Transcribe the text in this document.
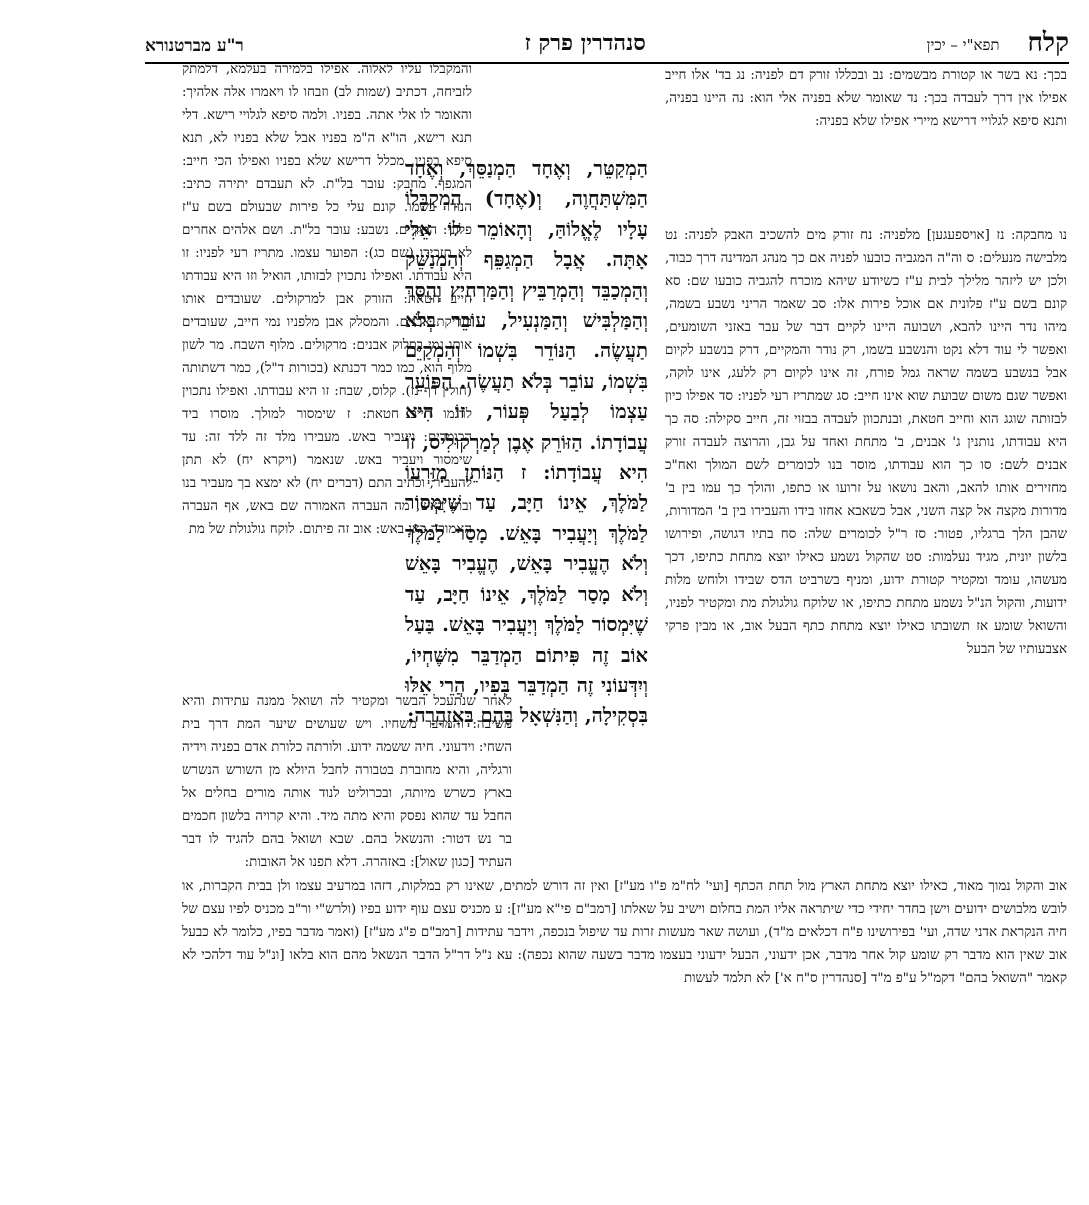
קלח
תפא"י – יכין
סנהדרין פרק ז
ר"ע מברטנורא

בכך: נא בשר או קטורת מבשמים: נב ובכללו זורק דם לפניה: נג בד' אלו חייב אפילו אין דרך לעבדה בכך: נד שאומר שלא בפניה אלי הוא: נה היינו בפניה, ותנא סיפא לגלויי דרישא מיירי אפילו שלא בפניה:

נו מחבקה: נז [אויספעגען] מלפניה: נח זורק מים להשכיב האבק לפניה: נט מלבישה מנעלים: ס וה"ה המגביה כובעו לפניה אם כך מנהג המדינה דרך כבוד, ולכן יש ליזהר מלילך לבית ע"ז כשיודע שיהא מוכרח להגביה כובעו שם: סא קונם בשם ע"ז פלונית אם אוכל פירות אלו: סב שאמר הריני נשבע בשמה, מיהו נדר היינו להבא, ושבועה היינו לקיים דבר של עבר באזני השומעים, ואפשר לי עוד דלא נקט והנשבע בשמו, רק נודר והמקיים, דרק בנשבע לקיום אבל בנשבע בשמה שראה גמל פורח, זה אינו לקיום רק ללעג, אינו לוקה, ואפשר שגם משום שבועת שוא אינו חייב: סג שמתריז רעי לפניו: סד אפילו כיון לבזותה שוגג הוא וחייב חטאת, ובנתכוון לעבדה בבזוי זה, חייב סקילה: סה כך היא עבודתו, נותנין ג' אבנים, ב' מתחת ואחד על גבן, והרוצה לעבדה זורק אבנים לשם: סו כך הוא עבודתו, מוסר בנו לכומרים לשם המולך ואח"כ מחזירים אותו להאב, והאב נושאו על זרועו או כתפו, והולך כך עמו בין ב' מדורות מקצה אל קצה השני, אבל כשאבא אחזו בידו והעבירו בין ב' המדורות, שהבן הלך ברגליו, פטור: סז ר"ל לכומרים שלה: סח בתיו דגושה, ופירושו בלשון יונית, מגיד נעלמות: סט שהקול נשמע כאילו יוצא מתחת כתיפו, דכך מעשהו, עומד ומקטיר קטורת ידוע, ומניף בשרביט הדס שבידו ולוחש מלות ידועות, והקול הנ"ל נשמע מתחת כתיפו, או שלוקח גולגולת מת ומקטיר לפניו, והשואל שומע אז תשובתו כאילו יוצא מתחת כתף הבעל אוב, או מבין פרקי אצבעותיו של הבעל

הַמְקַטֵּר, וְאֶחָד הַמְנַסֵּךְ, וְאֶחָד הַמִּשְׁתַּחֲוֶה, וְ(אֶחָד) הַמְקַבְּלוֹ עָלָיו לֶאֱלוֹהַּ, וְהָאוֹמֵר לוֹ אֵלִי אָתָּה. אֲבָל הַמְגַפֵּף וְהַמְנַשֵּׁק וְהַמְכַבֵּד וְהַמְרַבֵּיץ וְהַמַּרְחִיץ וְהַסָּךְ וְהַמַּלְבִּישׁ וְהַמַּנְעִיל, עוֹבֵר בְּלֹא תַעֲשֶׂה. הַנּוֹדֵר בִּשְׁמוֹ וְהַמְקַיֵּם בִּשְׁמוֹ, עוֹבֵר בְּלֹא תַעֲשֶׂה. הַפּוֹעֵר עַצְמוֹ לְבַעַל פְּעוֹר, זוֹ הִיא עֲבוֹדָתוֹ. הַזּוֹרֵק אֶבֶן לְמַרְקוּלִיס, זוֹ הִיא עֲבוֹדָתוֹ: ז הַנּוֹתֵן מִזַּרְעוֹ לַמֹּלֶךְ, אֵינוֹ חַיָּב, עַד שֶׁיִּמְסוֹר לַמֹּלֶךְ וְיַעֲבִיר בָּאֵשׁ. מָסַר לַמֹּלֶךְ וְלֹא הֶעֱבִיר בָּאֵשׁ, הֶעֱבִיר בָּאֵשׁ וְלֹא מָסַר לַמֹּלֶךְ, אֵינוֹ חַיָּב, עַד שֶׁיִּמְסוֹר לַמֹּלֶךְ וְיַעֲבִיר בָּאֵשׁ. בַּעַל אוֹב זֶה פִּיתוֹם הַמְדַבֵּר מִשֶּׁחְיוֹ, וְיִדְּעוֹנִי זֶה הַמְדַבֵּר בְּפִיו, הֲרֵי אֵלּוּ בִּסְקִילָה, וְהַנִּשְׁאָל בָּהֶם בְּאַזְהָרָה:

והמקבלו עליו לאלוה. אפילו בלמירה בעלמא, דלמתק לזביחה, דכתיב (שמות לב) וזבחו לו ויאמרו אלה אלהיך: והאומר לו אלי אתה. בפניו. ולמה סיפא לגלויי רישא. דלי תנא רישא, הו"א ה"מ בפניו אבל שלא בפניו לא, תנא סיפא בפניו, מכלל דרישא שלא בפניו ואפילו הכי חייב: המגפף. מחבק: עובר בל"ת. לא תעבדם יתירה כתיב: הנודר בשמו. קונם עלי כל פירות שבעולם בשם ע"ז פלוני: המקיים. נשבע: עובר בל"ת. ושם אלהים אחרים לא תזכירו (שם כג): הפוער עצמו. מתריז רעי לפניו: זו היא עבודתו. ואפילו נתכוין לבזותו, הואיל וזו היא עבודתו חייב חטאת: הזורק אבן למרקולים. שעובדים אותו בזריקת אבנים. והמסלק אבן מלפניו נמי חייב, שעובדים אותו נמי בסלוק אבנים: מרקולים. מלוף השבח. מר לשון מלוף הוא, כמו כמר דכנתא (בכורות ד"ל), כמר דשתותה (חולין דף נז). קלוס, שבח: זו היא עבודתו. ואפילו נתכוין לרגמו חייב חטאת: ז שימסור למולך. מוסרו ביד הכומרים: ויעביר באש. מעבירו מלד זה ללד זה: עד שימסור ויעביר באש. שנאמר (ויקרא יח) לא תתן להעביר, וכתיב התם (דברים יח) לא ימצא בך מעביר בנו ובתו באש, מה העברה האמורה שם באש, אף העברה האמורה כאן באש: אוב זה פיתום. לוקח גולגולת של מת

לאחר שנתעכל הבשר ומקטיר לה ושואל ממנה עתידות והיא משיבה: והמדבר משחיו. ויש שעושים שיער המת דרך בית השחי: וידעוני. חיה ששמה ידוע. ולורתה כלורת אדם בפניה וידיה ורגליה, והיא מחוברת בטבורה לחבל היולא מן השורש הנשרש בארץ כשרש מיותה, ובכרוליט לנוד אותה מורים בחלים אל החבל עד שהוא נפסק והיא מתה מיד. והיא קרויה בלשון חכמים בר נש דטור: והנשאל בהם. שבא ושואל בהם להגיד לו דבר העתיד [כגון שאול]: באזהרה. דלא תפנו אל האובות:

אוב והקול נמוך מאוד, כאילו יוצא מתחת הארץ מול תחת הכתף [ועי' לח"מ פ"ו מע"ז] ואין זה דורש למתים, שאינו רק במלקות, דזהו במרעיב עצמו ולן בבית הקברות, או לובש מלבושים ידועים וישן בחדר יחידי כדי שיתראה אליו המת בחלום וישיב על שאלתו [רמב"ם פי"א מע"ז]: ע מכניס עצם עוף ידוע בפיו (ולרש"י ור"ב מכניס לפיו עצם של חיה הנקראת אדני שדה, ועי' בפירושינו פ"ח דכלאים מ"ד), ועושה שאר מעשות זרות עד שיפול בנכפה, וידבר עתידות [רמב"ם פ"ג מע"ז] (ואמר מדבר בפיו, כלומר לא כבעל אוב שאין הוא מדבר רק שומע קול אחר מדבר, אכן ידעוני, הבעל ידעוני בעצמו מדבר בשעה שהוא נכפה): עא נ"ל דר"ל הדבר הנשאל מהם הוא בלאו [ונ"ל עוד דלהכי לא קאמר "השואל בהם" דקמ"ל ע"פ מ"ד [סנהדרין ס"ח א'] לא תלמד לעשות
